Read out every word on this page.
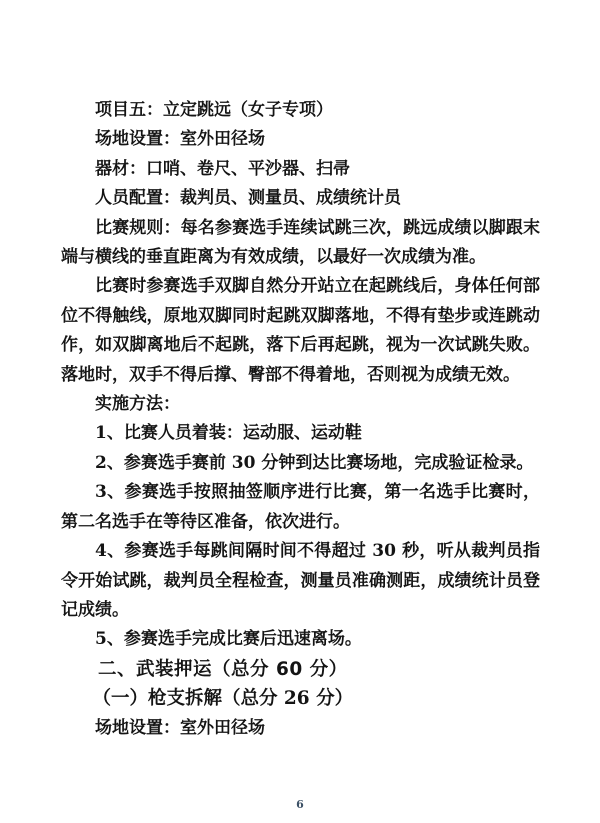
项目五：立定跳远（女子专项）

场地设置：室外田径场

器材：口哨、卷尺、平沙器、扫帚

人员配置：裁判员、测量员、成绩统计员

比赛规则：每名参赛选手连续试跳三次，跳远成绩以脚跟末端与横线的垂直距离为有效成绩，以最好一次成绩为准。

比赛时参赛选手双脚自然分开站立在起跳线后，身体任何部位不得触线，原地双脚同时起跳双脚落地，不得有垫步或连跳动作，如双脚离地后不起跳，落下后再起跳，视为一次试跳失败。落地时，双手不得后撑、臀部不得着地，否则视为成绩无效。

实施方法：

1、比赛人员着装：运动服、运动鞋

2、参赛选手赛前 30 分钟到达比赛场地，完成验证检录。

3、参赛选手按照抽签顺序进行比赛，第一名选手比赛时，第二名选手在等待区准备，依次进行。

4、参赛选手每跳间隔时间不得超过 30 秒，听从裁判员指令开始试跳，裁判员全程检查，测量员准确测距，成绩统计员登记成绩。

5、参赛选手完成比赛后迅速离场。

二、武装押运（总分 60 分）

（一）枪支拆解（总分 26 分）

场地设置：室外田径场

6
